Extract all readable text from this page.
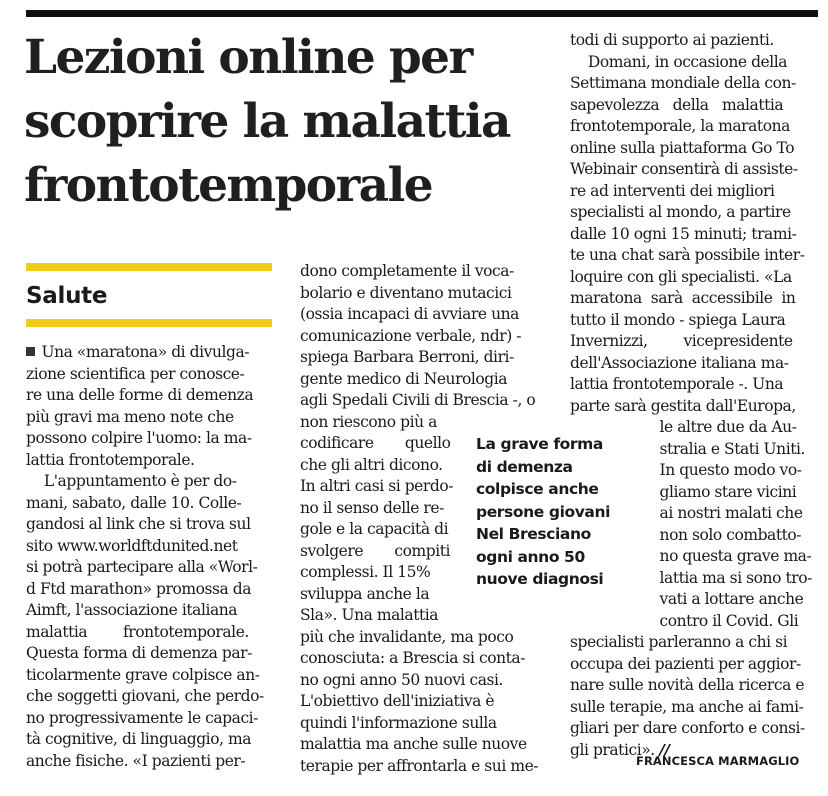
Lezioni online per scoprire la malattia frontotemporale
Salute

Una «maratona» di divulga-
zione scientifica per conosce-
re una delle forme di demenza
più gravi ma meno note che
possono colpire l'uomo: la ma-
lattia frontotemporale.
L'appuntamento è per do-
mani, sabato, dalle 10. Colle-
gandosi al link che si trova sul
sito www.worldftdunited.net
si potrà partecipare alla «Worl-
d Ftd marathon» promossa da
Aimft, l'associazione italiana
malattia        frontotemporale.
Questa forma di demenza par-
ticolarmente grave colpisce an-
che soggetti giovani, che perdo-
no progressivamente le capaci-
tà cognitive, di linguaggio, ma
anche fisiche. «I pazienti per-

dono completamente il voca-
bolario e diventano mutacici
(ossia incapaci di avviare una
comunicazione verbale, ndr) -
spiega Barbara Berroni, diri-
gente medico di Neurologia
agli Spedali Civili di Brescia -, o
non riescono più a
codificare       quello
che gli altri dicono.
In altri casi si perdo-
no il senso delle re-
gole e la capacità di
svolgere       compiti
complessi. Il 15%
sviluppa anche la
Sla». Una malattia
più che invalidante, ma poco
conosciuta: a Brescia si conta-
no ogni anno 50 nuovi casi.
L'obiettivo dell'iniziativa è
quindi l'informazione sulla
malattia ma anche sulle nuove
terapie per affrontarla e sui me-

La grave forma
di demenza
colpisce anche
persone giovani
Nel Bresciano
ogni anno 50
nuove diagnosi

todi di supporto ai pazienti.
Domani, in occasione della
Settimana mondiale della con-
sapevolezza   della   malattia
frontotemporale, la maratona
online sulla piattaforma Go To
Webinair consentirà di assiste-
re ad interventi dei migliori
specialisti al mondo, a partire
dalle 10 ogni 15 minuti; trami-
te una chat sarà possibile inter-
loquire con gli specialisti. «La
maratona  sarà  accessibile  in
tutto il mondo - spiega Laura
Invernizzi,        vicepresidente
dell'Associazione italiana ma-
lattia frontotemporale -. Una
parte sarà gestita dall'Europa,
le altre due da Au-
stralia e Stati Uniti.
In questo modo vo-
gliamo stare vicini
ai nostri malati che
non solo combatto-
no questa grave ma-
lattia ma si sono tro-
vati a lottare anche
contro il Covid. Gli
specialisti parleranno a chi si
occupa dei pazienti per aggior-
nare sulle novità della ricerca e
sulle terapie, ma anche ai fami-
gliari per dare conforto e consi-
gli pratici». //

FRANCESCA MARMAGLIO
